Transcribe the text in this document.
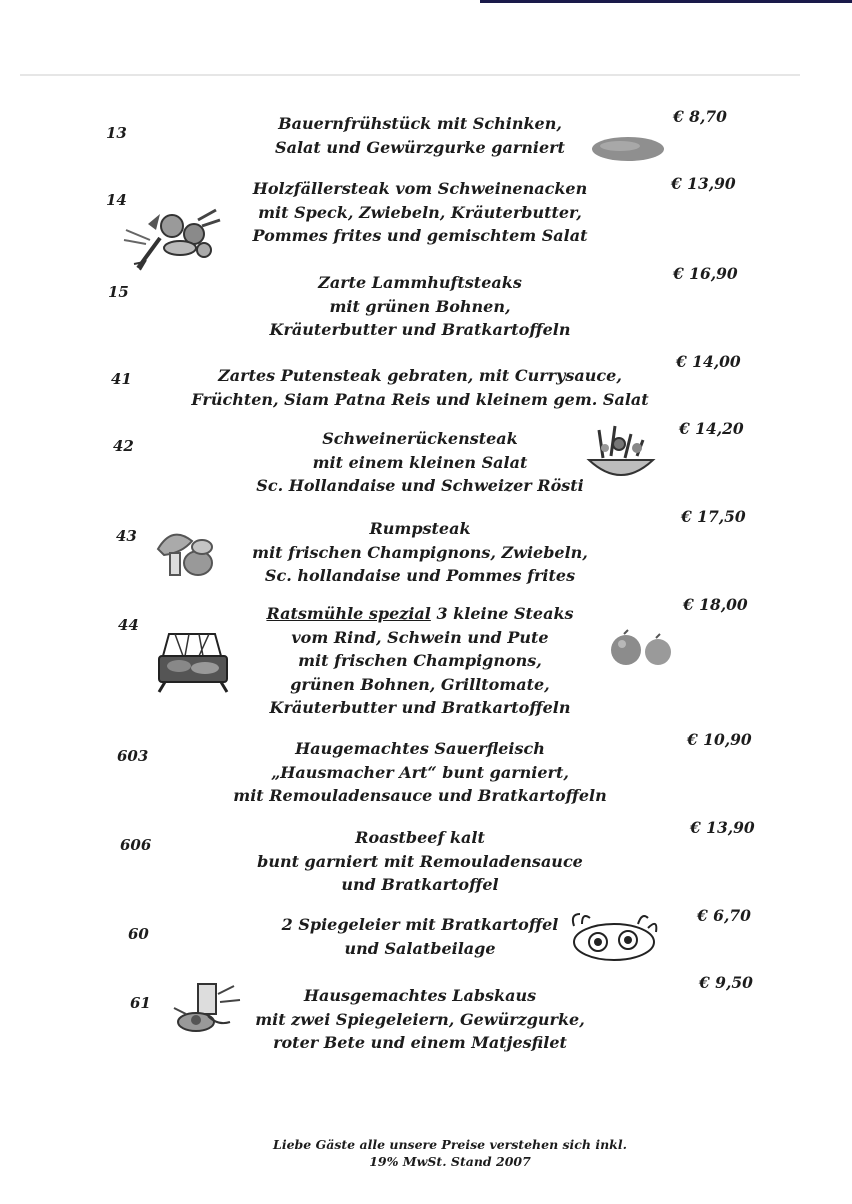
13	Bauernfrühstück mit Schinken,
Salat und Gewürzgurke garniert
€ 8,70
14
Holzfällersteak vom Schweinenacken
mit Speck, Zwiebeln, Kräuterbutter,
Pommes frites und gemischtem Salat
€ 13,90
15	Zarte Lammhuftsteaks
mit grünen Bohnen,
Kräuterbutter und Bratkartoffeln
€ 16,90
41	Zartes Putensteak gebraten, mit Currysauce,
Früchten, Siam Patna Reis und kleinem gem. Salat
€ 14,00
42	Schweinerückensteak
mit einem kleinen Salat
Sc. Hollandaise und Schweizer Rösti
€ 14,20
43	Rumpsteak
mit frischen Champignons, Zwiebeln,
Sc. hollandaise und Pommes frites
€ 17,50
44
Ratsmühle spezial 3 kleine Steaks
vom Rind, Schwein und Pute
mit frischen Champignons,
grünen Bohnen, Grilltomate,
Kräuterbutter und Bratkartoffeln
€ 18,00
603	Haugemachtes Sauerfleisch
„Hausmacher Art“ bunt garniert,
mit Remouladensauce und Bratkartoffeln
€ 10,90
606	Roastbeef kalt
bunt garniert mit Remouladensauce
und Bratkartoffel
€ 13,90
60	2 Spiegeleier mit Bratkartoffel
und Salatbeilage
€ 6,70
61	Hausgemachtes Labskaus
mit zwei Spiegeleiern, Gewürzgurke,
roter Bete und einem Matjesfilet
€ 9,50
Liebe Gäste alle unsere Preise verstehen sich inkl.
19% MwSt. Stand 2007
